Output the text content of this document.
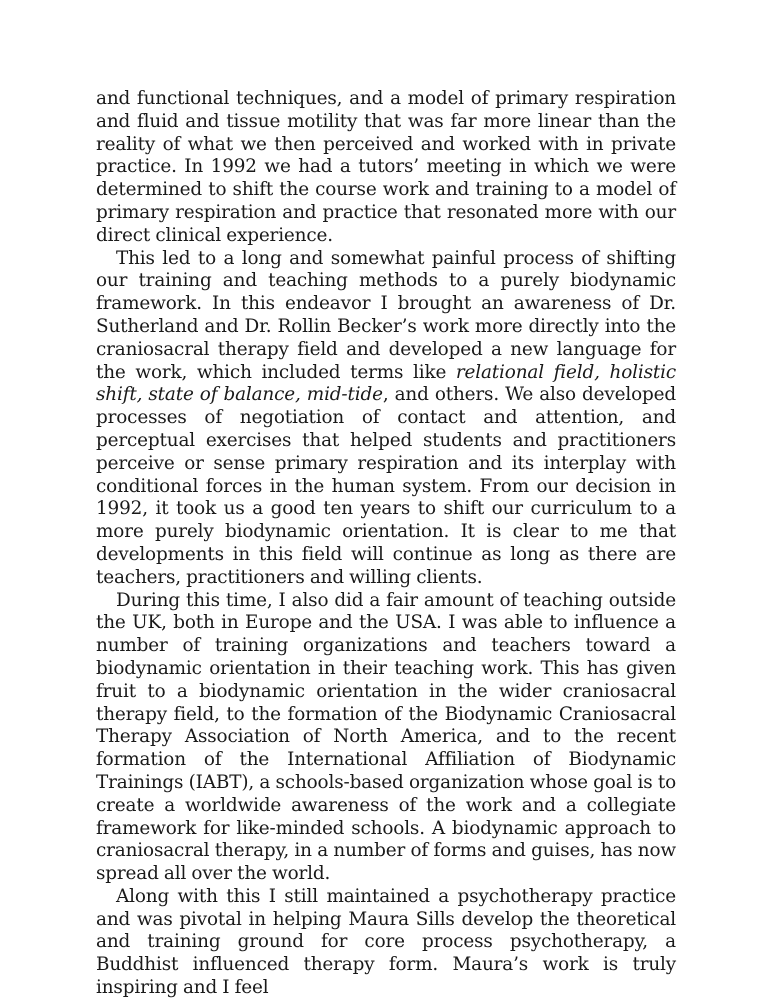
and functional techniques, and a model of primary respiration and fluid and tissue motility that was far more linear than the reality of what we then perceived and worked with in private practice. In 1992 we had a tutors’ meeting in which we were determined to shift the course work and training to a model of primary respiration and practice that resonated more with our direct clinical experience.

This led to a long and somewhat painful process of shifting our training and teaching methods to a purely biodynamic framework. In this endeavor I brought an awareness of Dr. Sutherland and Dr. Rollin Becker’s work more directly into the craniosacral therapy field and developed a new language for the work, which included terms like relational field, holistic shift, state of balance, mid-tide, and others. We also developed processes of negotiation of contact and attention, and perceptual exercises that helped students and practitioners perceive or sense primary respiration and its interplay with conditional forces in the human system. From our decision in 1992, it took us a good ten years to shift our curriculum to a more purely biodynamic orientation. It is clear to me that developments in this field will continue as long as there are teachers, practitioners and willing clients.

During this time, I also did a fair amount of teaching outside the UK, both in Europe and the USA. I was able to influence a number of training organizations and teachers toward a biodynamic orientation in their teaching work. This has given fruit to a biodynamic orientation in the wider craniosacral therapy field, to the formation of the Biodynamic Craniosacral Therapy Association of North America, and to the recent formation of the International Affiliation of Biodynamic Trainings (IABT), a schools-based organization whose goal is to create a worldwide awareness of the work and a collegiate framework for like-minded schools. A biodynamic approach to craniosacral therapy, in a number of forms and guises, has now spread all over the world.

Along with this I still maintained a psychotherapy practice and was pivotal in helping Maura Sills develop the theoretical and training ground for core process psychotherapy, a Buddhist influenced therapy form. Maura’s work is truly inspiring and I feel
